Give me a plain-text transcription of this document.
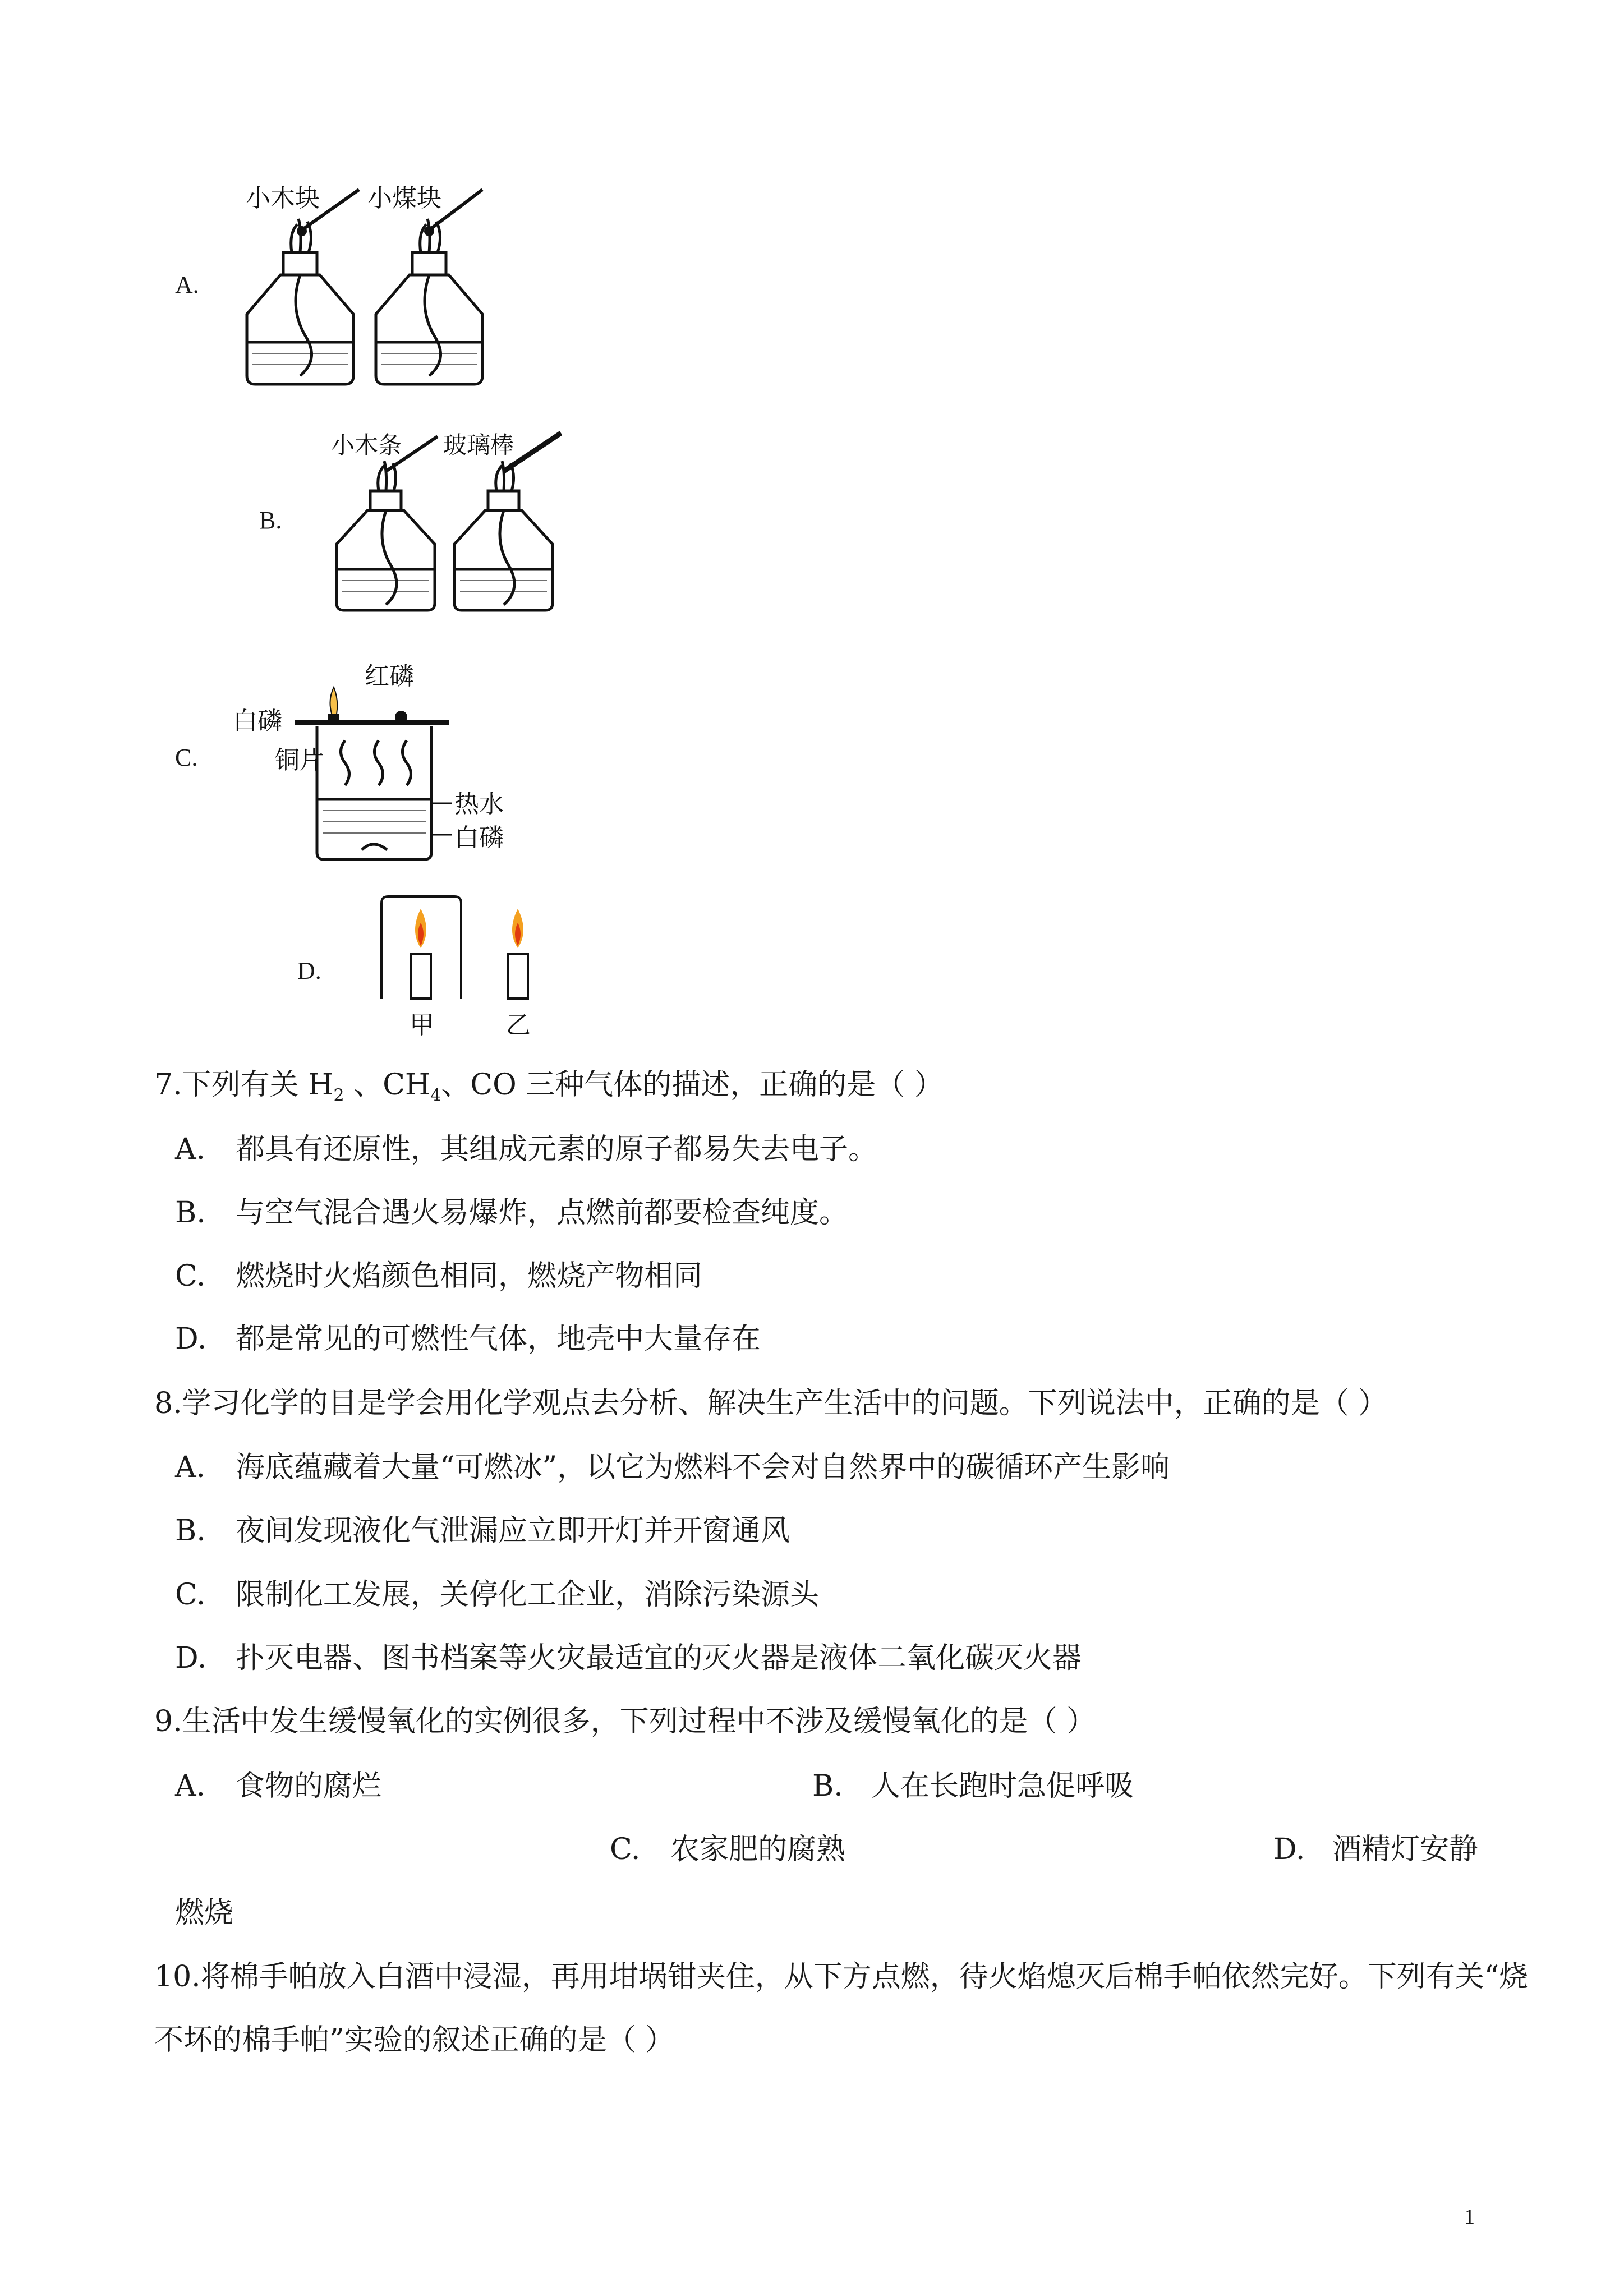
A.
小木块 小煤块
B.
小木条 玻璃棒
C.
红磷
白磷
铜片
热水
白磷
D.
甲	乙
7.下列有关 $H_2$ 、$CH_4$、CO 三种气体的描述，正确的是（ ）
A. 都具有还原性，其组成元素的原子都易失去电子。
B. 与空气混合遇火易爆炸，点燃前都要检查纯度。
C. 燃烧时火焰颜色相同，燃烧产物相同
D. 都是常见的可燃性气体，地壳中大量存在
8.学习化学的目是学会用化学观点去分析、解决生产生活中的问题。下列说法中，正确的是（ ）
A. 海底蕴藏着大量“可燃冰”，以它为燃料不会对自然界中的碳循环产生影响
B. 夜间发现液化气泄漏应立即开灯并开窗通风
C. 限制化工发展，关停化工企业，消除污染源头
D. 扑灭电器、图书档案等火灾最适宜的灭火器是液体二氧化碳灭火器
9.生活中发生缓慢氧化的实例很多，下列过程中不涉及缓慢氧化的是（ ）
A. 食物的腐烂	B. 人在长跑时急促呼吸
C. 农家肥的腐熟	D. 酒精灯安静
燃烧
10.将棉手帕放入白酒中浸湿，再用坩埚钳夹住，从下方点燃，待火焰熄灭后棉手帕依然完好。下列有关“烧
不坏的棉手帕”实验的叙述正确的是（ ）
1
